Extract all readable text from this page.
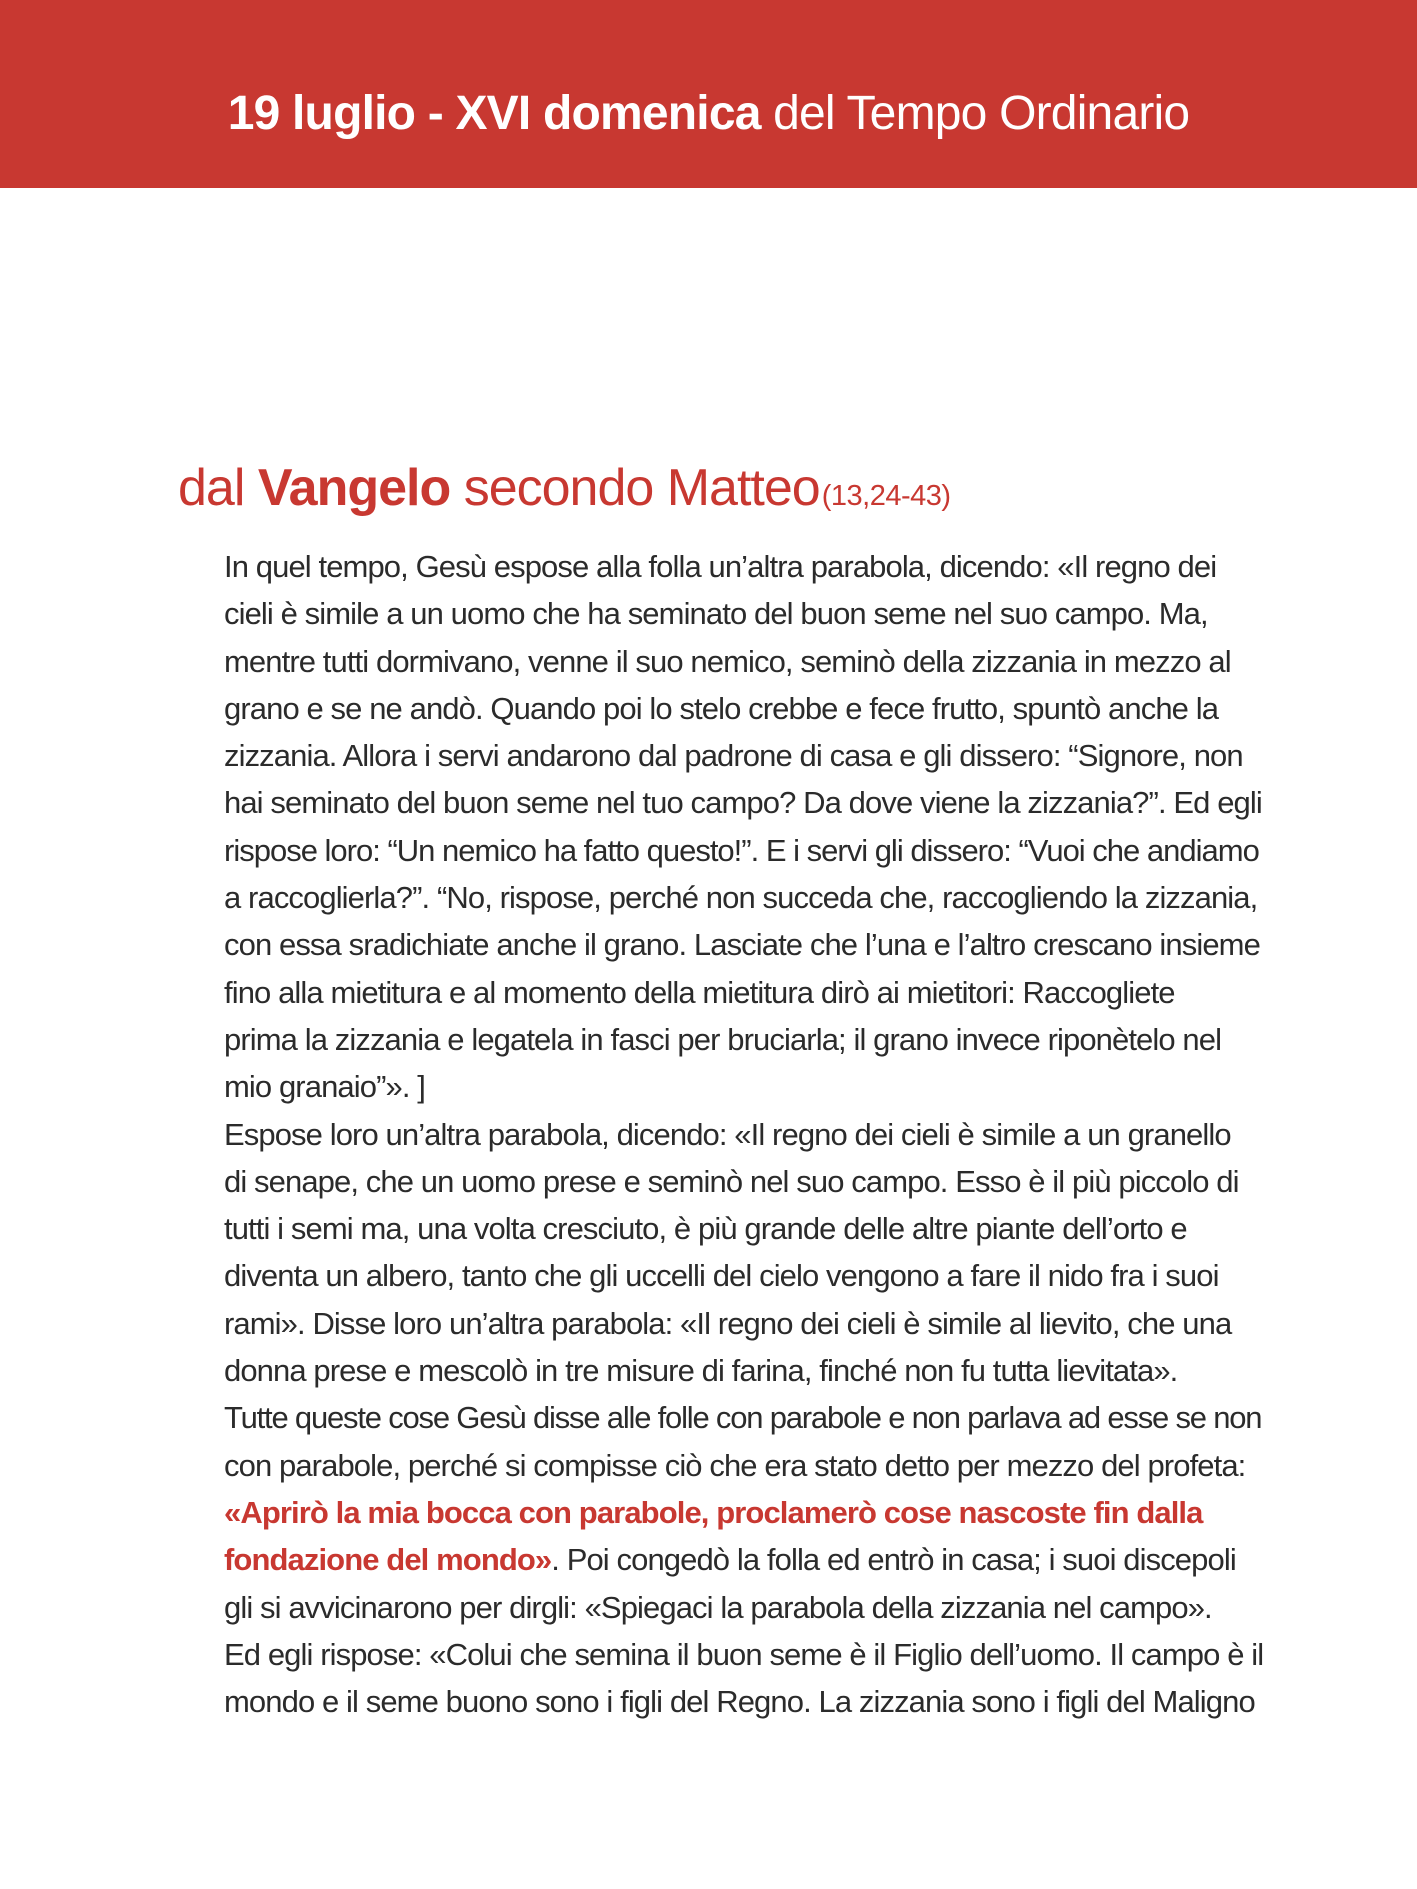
19 luglio - XVI domenica del Tempo Ordinario
dal Vangelo secondo Matteo(13,24-43)
In quel tempo, Gesù espose alla folla un’altra parabola, dicendo: «Il regno dei
cieli è simile a un uomo che ha seminato del buon seme nel suo campo. Ma,
mentre tutti dormivano, venne il suo nemico, seminò della zizzania in mezzo al
grano e se ne andò. Quando poi lo stelo crebbe e fece frutto, spuntò anche la
zizzania. Allora i servi andarono dal padrone di casa e gli dissero: “Signore, non
hai seminato del buon seme nel tuo campo? Da dove viene la zizzania?”. Ed egli
rispose loro: “Un nemico ha fatto questo!”. E i servi gli dissero: “Vuoi che andiamo
a raccoglierla?”. “No, rispose, perché non succeda che, raccogliendo la zizzania,
con essa sradichiate anche il grano. Lasciate che l’una e l’altro crescano insieme
fino alla mietitura e al momento della mietitura dirò ai mietitori: Raccogliete
prima la zizzania e legatela in fasci per bruciarla; il grano invece riponètelo nel
mio granaio”». ]
Espose loro un’altra parabola, dicendo: «Il regno dei cieli è simile a un granello
di senape, che un uomo prese e seminò nel suo campo. Esso è il più piccolo di
tutti i semi ma, una volta cresciuto, è più grande delle altre piante dell’orto e
diventa un albero, tanto che gli uccelli del cielo vengono a fare il nido fra i suoi
rami». Disse loro un’altra parabola: «Il regno dei cieli è simile al lievito, che una
donna prese e mescolò in tre misure di farina, finché non fu tutta lievitata».
Tutte queste cose Gesù disse alle folle con parabole e non parlava ad esse se non
con parabole, perché si compisse ciò che era stato detto per mezzo del profeta:
«Aprirò la mia bocca con parabole, proclamerò cose nascoste fin dalla
fondazione del mondo». Poi congedò la folla ed entrò in casa; i suoi discepoli
gli si avvicinarono per dirgli: «Spiegaci la parabola della zizzania nel campo».
Ed egli rispose: «Colui che semina il buon seme è il Figlio dell’uomo. Il campo è il
mondo e il seme buono sono i figli del Regno. La zizzania sono i figli del Maligno
